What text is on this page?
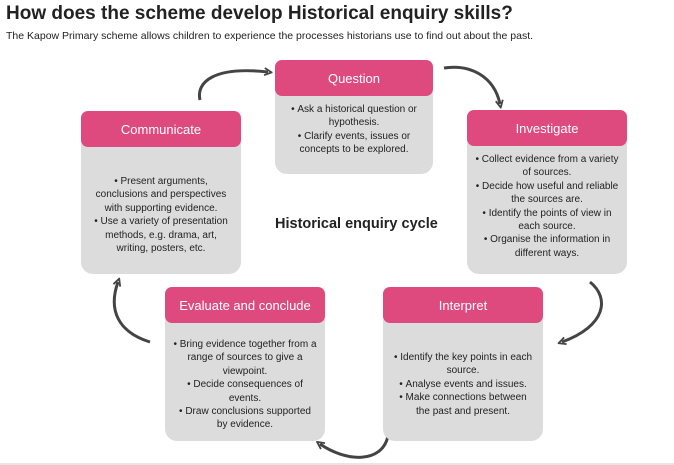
How does the scheme develop Historical enquiry skills?

The Kapow Primary scheme allows children to experience the processes historians use to find out about the past.

Question
• Ask a historical question or hypothesis.
• Clarify events, issues or concepts to be explored.
Investigate
• Collect evidence from a variety of sources.
• Decide how useful and reliable the sources are.
• Identify the points of view in each source.
• Organise the information in different ways.
Interpret
• Identify the key points in each source.
• Analyse events and issues.
• Make connections between the past and present.
Evaluate and conclude
• Bring evidence together from a range of sources to give a viewpoint.
• Decide consequences of events.
• Draw conclusions supported by evidence.
Communicate
• Present arguments, conclusions and perspectives with supporting evidence.
• Use a variety of presentation methods, e.g. drama, art, writing, posters, etc.
Historical enquiry cycle
